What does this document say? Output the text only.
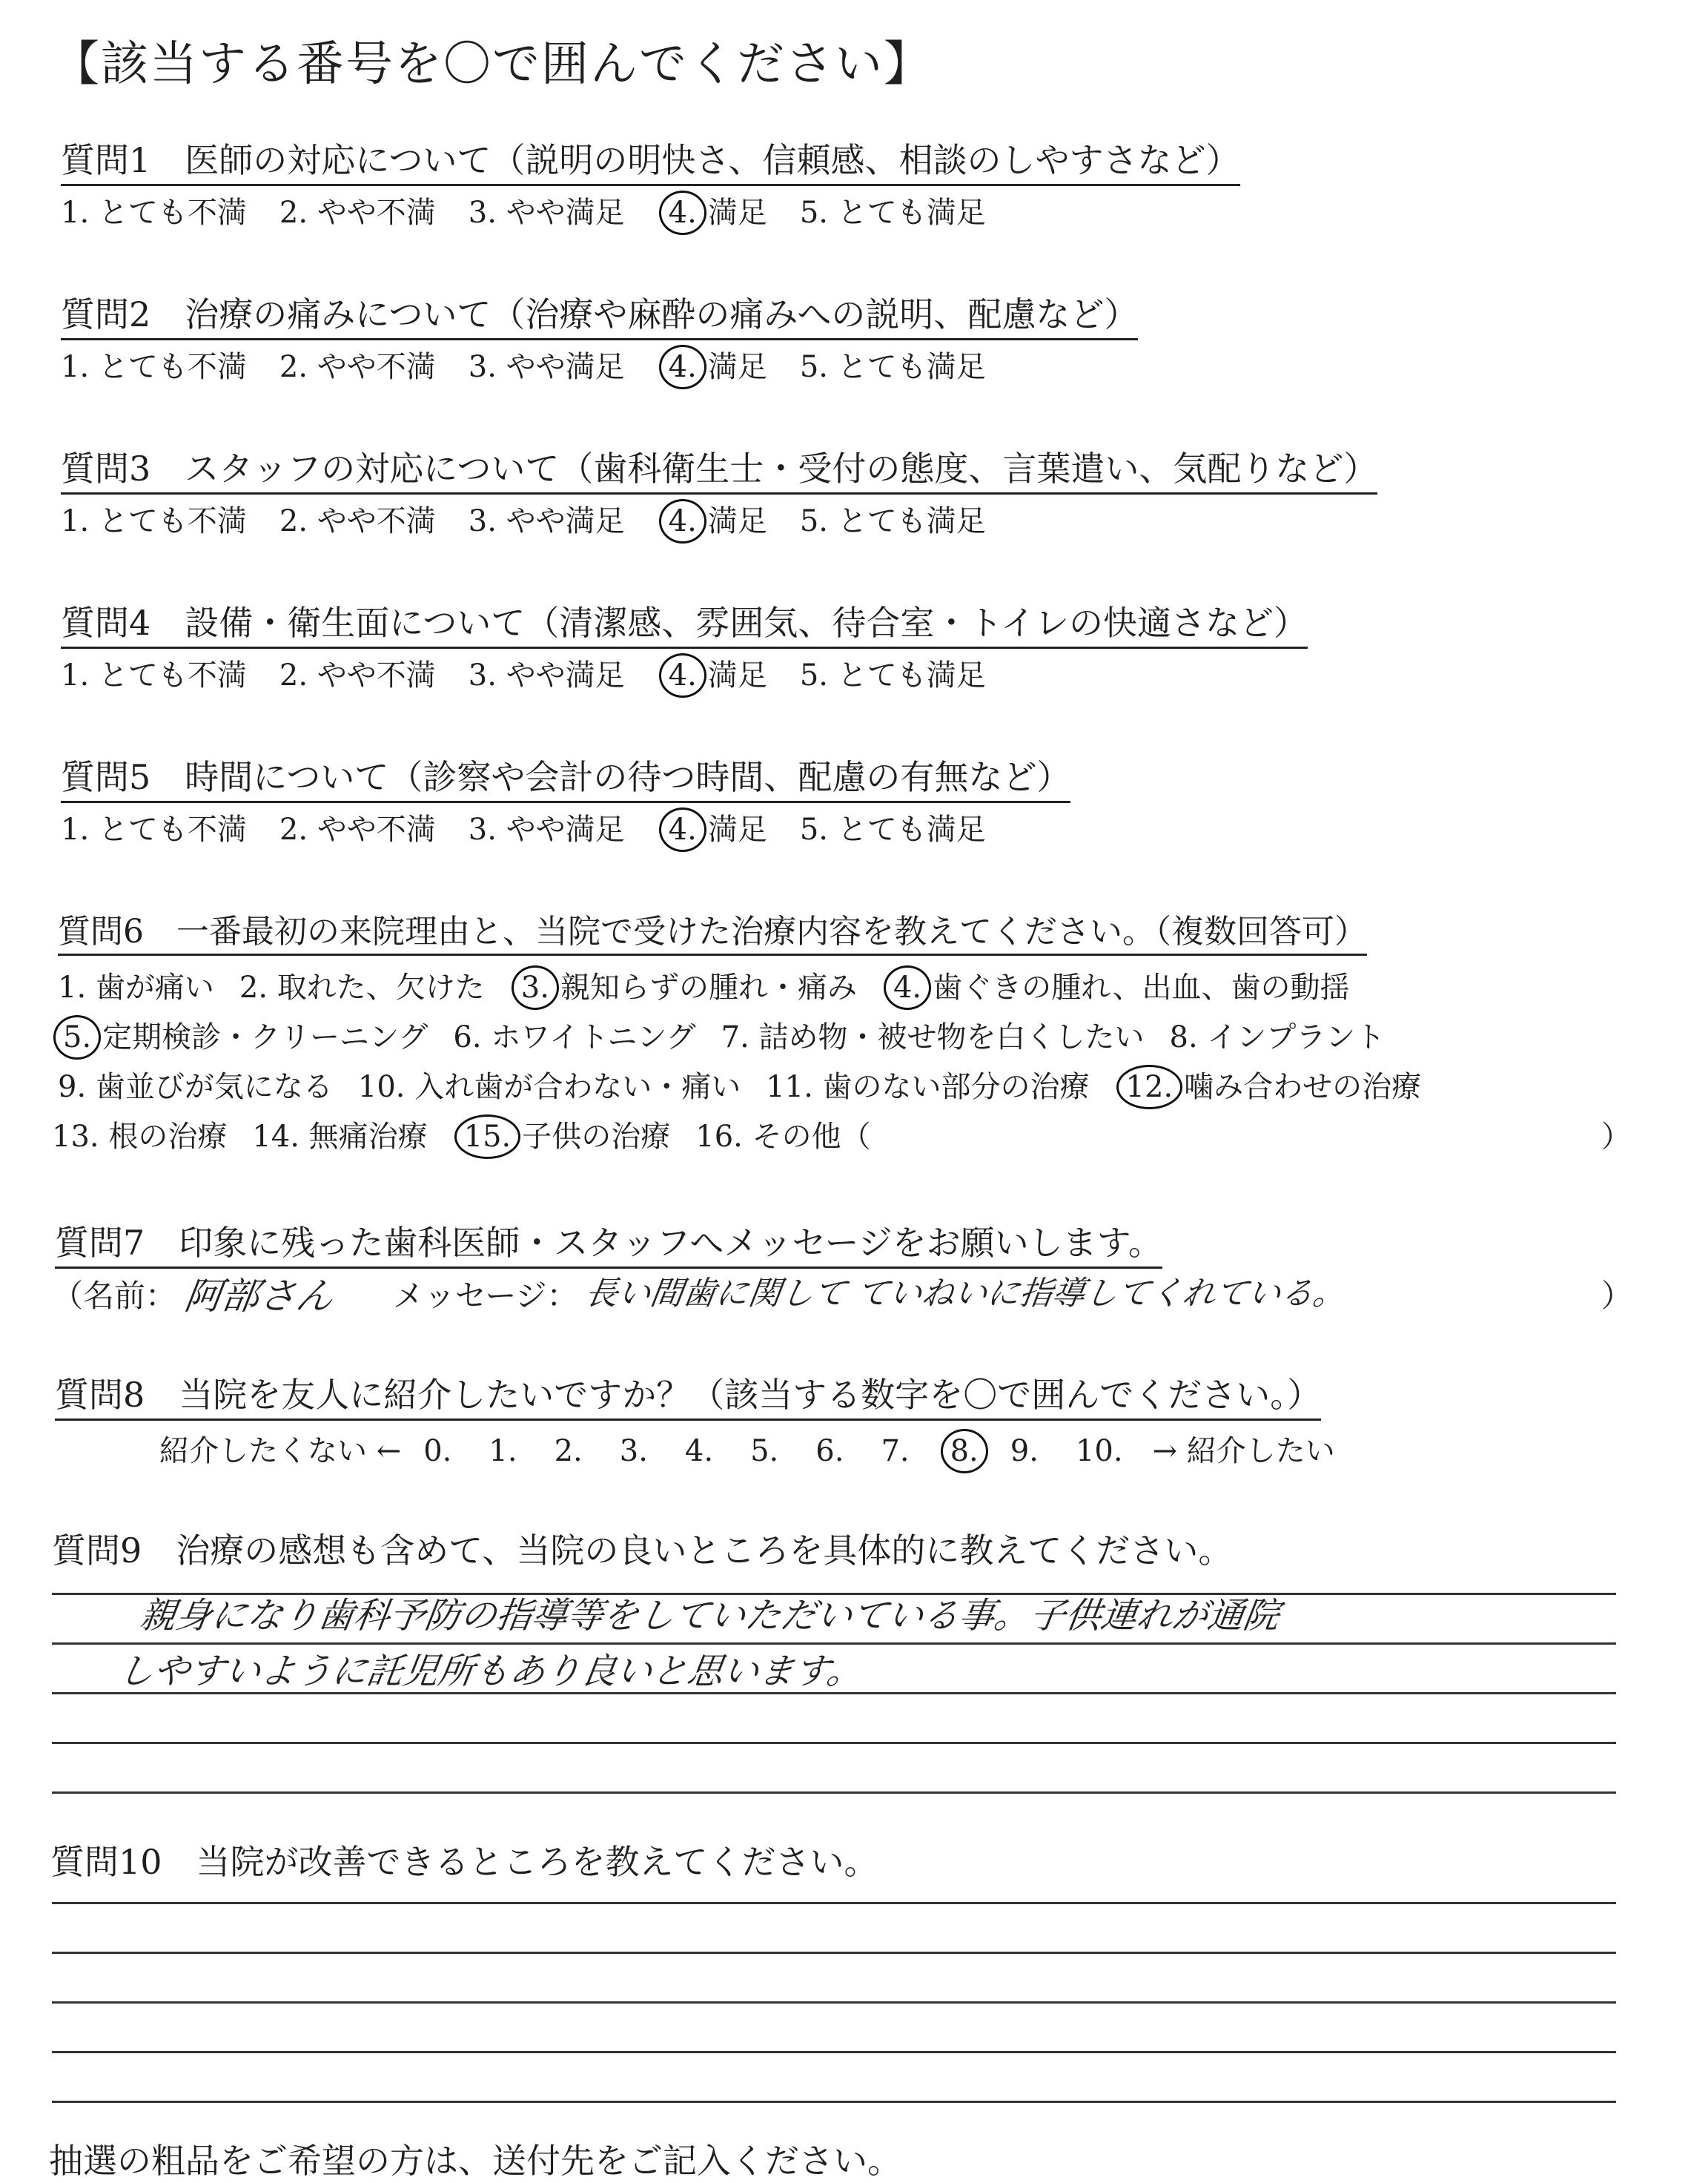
【該当する番号を〇で囲んでください】
質問1　医師の対応について（説明の明快さ、信頼感、相談のしやすさなど）
1. とても不満 2. やや不満 3. やや満足 4. 満足 5. とても満足
質問2　治療の痛みについて（治療や麻酔の痛みへの説明、配慮など）
1. とても不満 2. やや不満 3. やや満足 4. 満足 5. とても満足
質問3　スタッフの対応について（歯科衛生士・受付の態度、言葉遣い、気配りなど）
1. とても不満 2. やや不満 3. やや満足 4. 満足 5. とても満足
質問4　設備・衛生面について（清潔感、雰囲気、待合室・トイレの快適さなど）
1. とても不満 2. やや不満 3. やや満足 4. 満足 5. とても満足
質問5　時間について（診察や会計の待つ時間、配慮の有無など）
1. とても不満 2. やや不満 3. やや満足 4. 満足 5. とても満足
質問6　一番最初の来院理由と、当院で受けた治療内容を教えてください。（複数回答可）
1. 歯が痛い 2. 取れた、欠けた 3. 親知らずの腫れ・痛み 4. 歯ぐきの腫れ、出血、歯の動揺
5. 定期検診・クリーニング 6. ホワイトニング 7. 詰め物・被せ物を白くしたい 8. インプラント
9. 歯並びが気になる 10. 入れ歯が合わない・痛い 11. 歯のない部分の治療 12. 噛み合わせの治療
13. 根の治療 14. 無痛治療 15. 子供の治療 16. その他（	）
質問7　印象に残った歯科医師・スタッフへメッセージをお願いします。
（名前： 阿部さん メッセージ： 長い間歯に関して ていねいに指導してくれている。	）
質問8　当院を友人に紹介したいですか？（該当する数字を〇で囲んでください。）
紹介したくない ← 0. 1. 2. 3. 4. 5. 6. 7. 8. 9. 10. → 紹介したい
質問9　治療の感想も含めて、当院の良いところを具体的に教えてください。
親身になり歯科予防の指導等をしていただいている事。子供連れが通院
しやすいように託児所もあり良いと思います。
質問10　当院が改善できるところを教えてください。
抽選の粗品をご希望の方は、送付先をご記入ください。
